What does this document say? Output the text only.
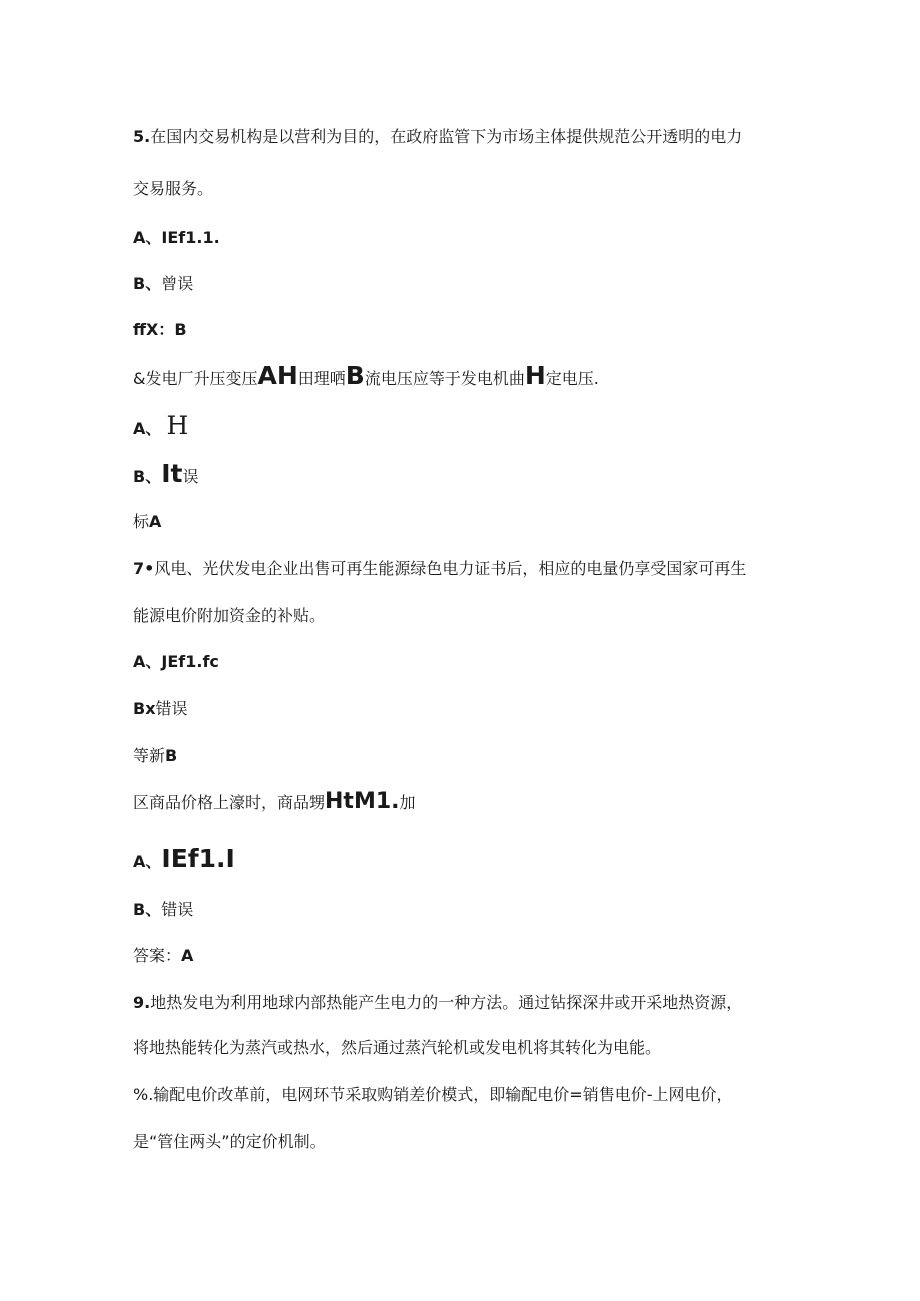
5.在国内交易机构是以营利为目的，在政府监管下为市场主体提供规范公开透明的电力
交易服务。
A、IEf1.1.
B、曾误
ffX：B
&发电厂升压变压AH田理哂B流电压应等于发电机曲H定电压.
A、 H
B、It误
标A
7•风电、光伏发电企业出售可再生能源绿色电力证书后，相应的电量仍享受国家可再生
能源电价附加资金的补贴。
A、JEf1.fc
Bx错误
等新B
区商品价格上濠时，商品甥HtM1.加
A、IEf1.I
B、错误
答案：A
9.地热发电为利用地球内部热能产生电力的一种方法。通过钻探深井或开采地热资源，
将地热能转化为蒸汽或热水，然后通过蒸汽轮机或发电机将其转化为电能。
%.输配电价改革前，电网环节采取购销差价模式，即输配电价=销售电价-上网电价，
是“管住两头”的定价机制。
